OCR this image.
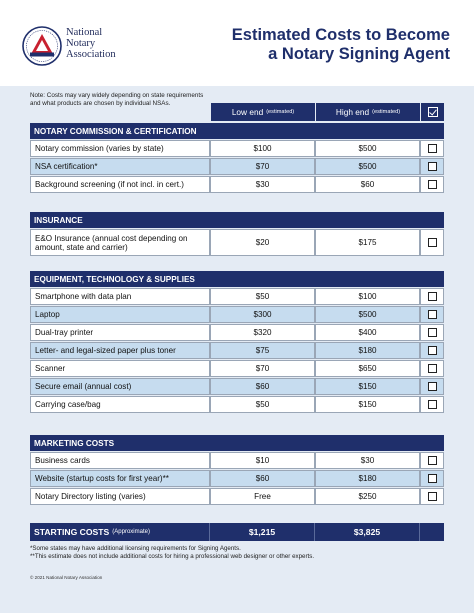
National
Notary
Association
Estimated Costs to Become
a Notary Signing Agent
Note: Costs may vary widely depending on state requirements and what products are chosen by individual NSAs.
Low end (estimated)	High end (estimated)
NOTARY COMMISSION & CERTIFICATION
Notary commission (varies by state)	$100	$500
NSA certification*	$70	$500
Background screening (if not incl. in cert.)	$30	$60
INSURANCE
E&O Insurance (annual cost depending on amount, state and carrier)	$20	$175
EQUIPMENT, TECHNOLOGY & SUPPLIES
Smartphone with data plan	$50	$100
Laptop	$300	$500
Dual-tray printer	$320	$400
Letter- and legal-sized paper plus toner	$75	$180
Scanner	$70	$650
Secure email (annual cost)	$60	$150
Carrying case/bag	$50	$150
MARKETING COSTS
Business cards	$10	$30
Website (startup costs for first year)**	$60	$180
Notary Directory listing (varies)	Free	$250
STARTING COSTS (Approximate)	$1,215	$3,825
*Some states may have additional licensing requirements for Signing Agents.
**This estimate does not include additional costs for hiring a professional web designer or other experts.
© 2021 National Notary Association
